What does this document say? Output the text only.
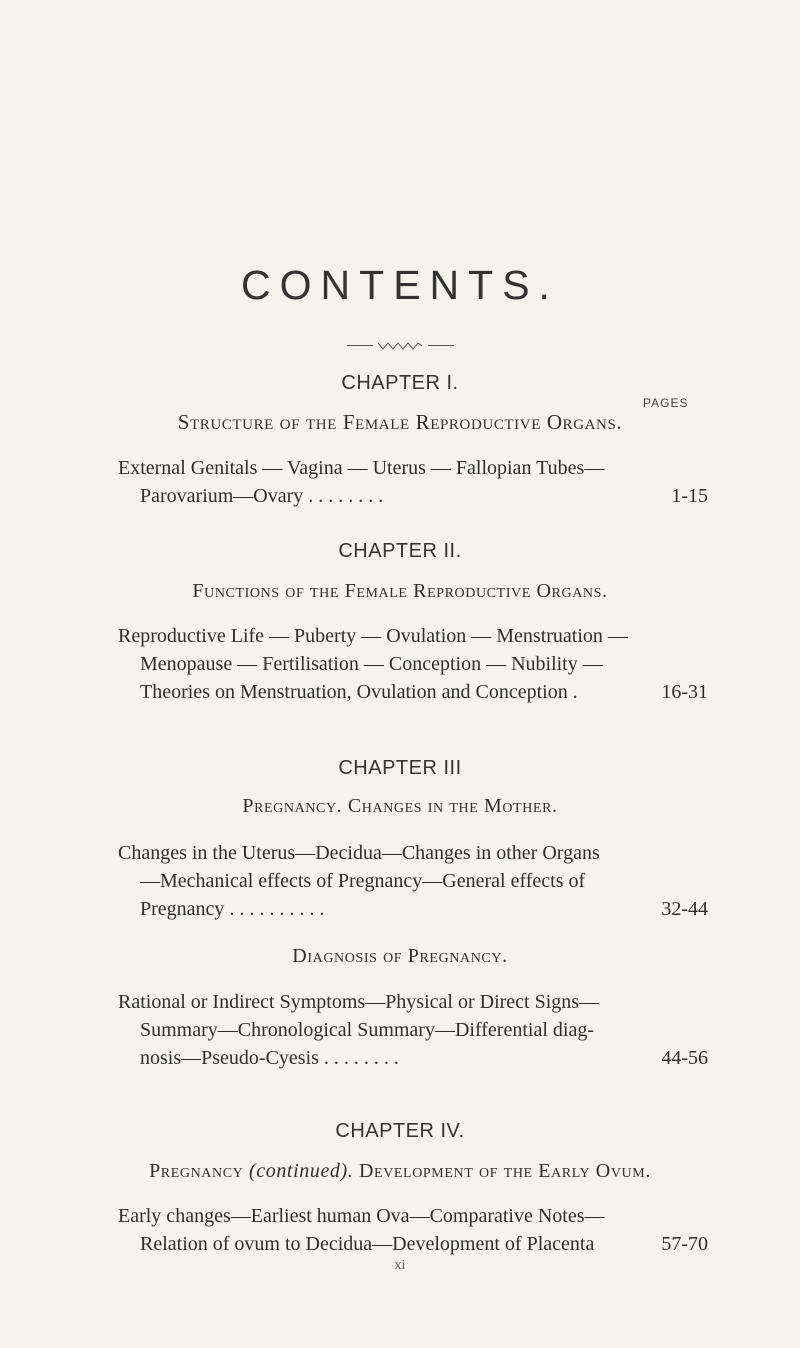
CONTENTS.

CHAPTER I.
PAGES
Structure of the Female Reproductive Organs.
External Genitals — Vagina — Uterus — Fallopian Tubes—
Parovarium—Ovary . . . . . . . .	1-15
CHAPTER II.
Functions of the Female Reproductive Organs.
Reproductive Life — Puberty — Ovulation — Menstruation —
Menopause — Fertilisation — Conception — Nubility —
Theories on Menstruation, Ovulation and Conception .	16-31
CHAPTER III
Pregnancy. Changes in the Mother.
Changes in the Uterus—Decidua—Changes in other Organs
—Mechanical effects of Pregnancy—General effects of
Pregnancy . . . . . . . . . .	32-44
Diagnosis of Pregnancy.
Rational or Indirect Symptoms—Physical or Direct Signs—
Summary—Chronological Summary—Differential diag-
nosis—Pseudo-Cyesis . . . . . . . .	44-56
CHAPTER IV.
Pregnancy (continued). Development of the Early Ovum.
Early changes—Earliest human Ova—Comparative Notes—
Relation of ovum to Decidua—Development of Placenta	57-70
xi
